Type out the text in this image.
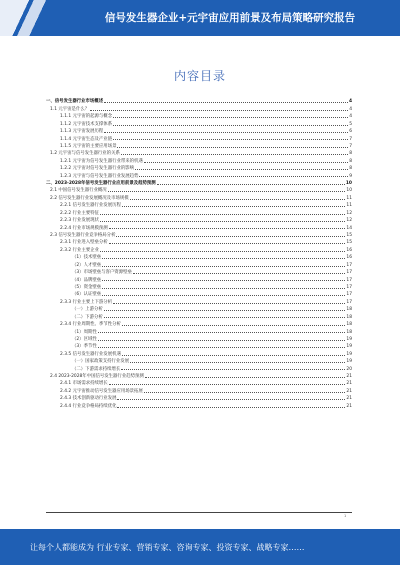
信号发生器企业+元宇宙应用前景及布局策略研究报告
内容目录
一、信号发生器行业市场概述	4
1.1 元宇宙是什么？	4
1.1.1 元宇宙的起源与概念	4
1.1.2 元宇宙技术支撑体系	5
1.1.3 元宇宙发展历程	6
1.1.4 元宇宙生态及产业链	7
1.1.5 元宇宙的主要应用场景	7
1.2 元宇宙与信号发生器行业的关系	8
1.2.1 元宇宙为信号发生器行业带来的机遇	8
1.2.2 元宇宙对信号发生器行业的影响	8
1.2.3 元宇宙与信号发生器行业发展趋势	9
二、2023-2028年信号发生器行业应用前景及趋势预测	10
2.1 中国信号发生器行业概况	10
2.2 信号发生器行业发展概况及市场规模	11
2.2.1 信号发生器行业发展历程	11
2.2.2 行业主要特征	12
2.2.3 行业发展现状	12
2.2.4 行业市场规模预测	14
2.3 信号发生器行业竞争格局分析	15
2.3.1 行业进入壁垒分析	15
2.3.2 行业主要企业	16
（1）技术壁垒	16
（2）人才壁垒	17
（3）市场壁垒与客户资源壁垒	17
（4）品牌壁垒	17
（5）资金壁垒	17
（6）认证壁垒	17
2.3.3 行业主要上下游分析	17
（一）上游分析	18
（二）下游分析	18
2.3.4 行业周期性、季节性分析	18
（1）周期性	18
（2）区域性	19
（3）季节性	19
2.3.5 信号发生器行业发展机遇	19
（一）国家政策支持行业发展	19
（二）下游需求持续增长	20
2.4 2023-2028年中国信号发生器行业趋势预测	21
2.4.1 市场需求持续增长	21
2.4.2 元宇宙推动信号发生器应用场景拓展	21
2.4.3 技术创新驱动行业发展	21
2.4.4 行业竞争格局持续优化	21
1
让每个人都能成为 行业专家、营销专家、咨询专家、投资专家、战略专家……
